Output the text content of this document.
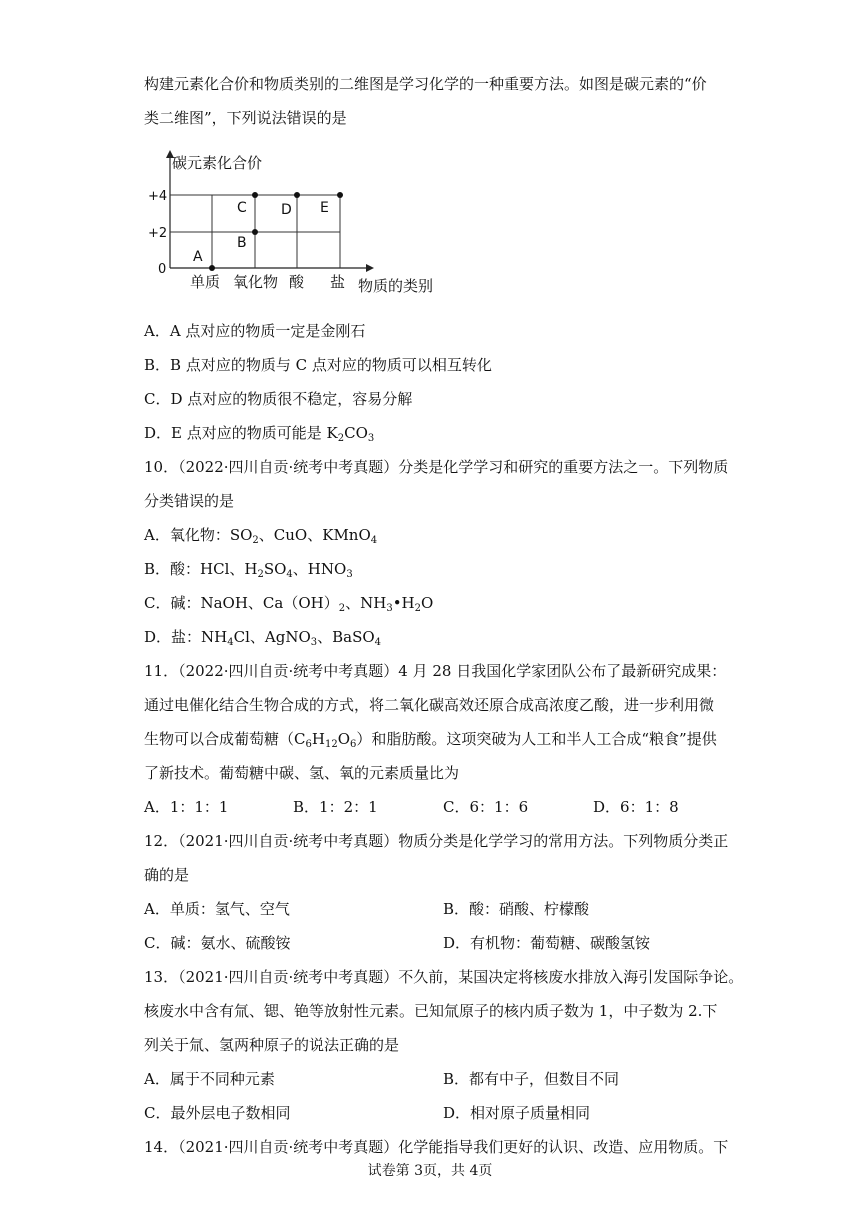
构建元素化合价和物质类别的二维图是学习化学的一种重要方法。如图是碳元素的“价
类二维图”，下列说法错误的是
碳元素化合价
物质的类别
+4
+2
0
单质 氧化物 酸 盐
A
B
C D E
A．A 点对应的物质一定是金刚石
B．B 点对应的物质与 C 点对应的物质可以相互转化
C．D 点对应的物质很不稳定，容易分解
D．E 点对应的物质可能是 $K_2CO_3$
10．（2022·四川自贡·统考中考真题）分类是化学学习和研究的重要方法之一。下列物质
分类错误的是
A．氧化物：$SO_2$、CuO、KMnO$_4$
B．酸：HCl、$H_2SO_4$、$HNO_3$
C．碱：NaOH、$Ca(OH)_2$、$NH_3•H_2O$
D．盐：$NH_4Cl$、AgNO$_3$、BaSO$_4$
11．（2022·四川自贡·统考中考真题）4 月 28 日我国化学家团队公布了最新研究成果：
通过电催化结合生物合成的方式，将二氧化碳高效还原合成高浓度乙酸，进一步利用微
生物可以合成葡萄糖$(C_6H_{12}O_6)$和脂肪酸。这项突破为人工和半人工合成“粮食”提供
了新技术。葡萄糖中碳、氢、氧的元素质量比为
A．1：1：1	B．1：2：1	C．6：1：6	D．6：1：8
12．（2021·四川自贡·统考中考真题）物质分类是化学学习的常用方法。下列物质分类正
确的是
A．单质：氢气、空气	B．酸：硝酸、柠檬酸
C．碱：氨水、硫酸铵	D．有机物：葡萄糖、碳酸氢铵
13．（2021·四川自贡·统考中考真题）不久前，某国决定将核废水排放入海引发国际争论。
核废水中含有氚、锶、铯等放射性元素。已知氚原子的核内质子数为 1，中子数为 2.下
列关于氚、氢两种原子的说法正确的是
A．属于不同种元素	B．都有中子，但数目不同
C．最外层电子数相同	D．相对原子质量相同
14．（2021·四川自贡·统考中考真题）化学能指导我们更好的认识、改造、应用物质。下
试卷第 3页，共 4页
